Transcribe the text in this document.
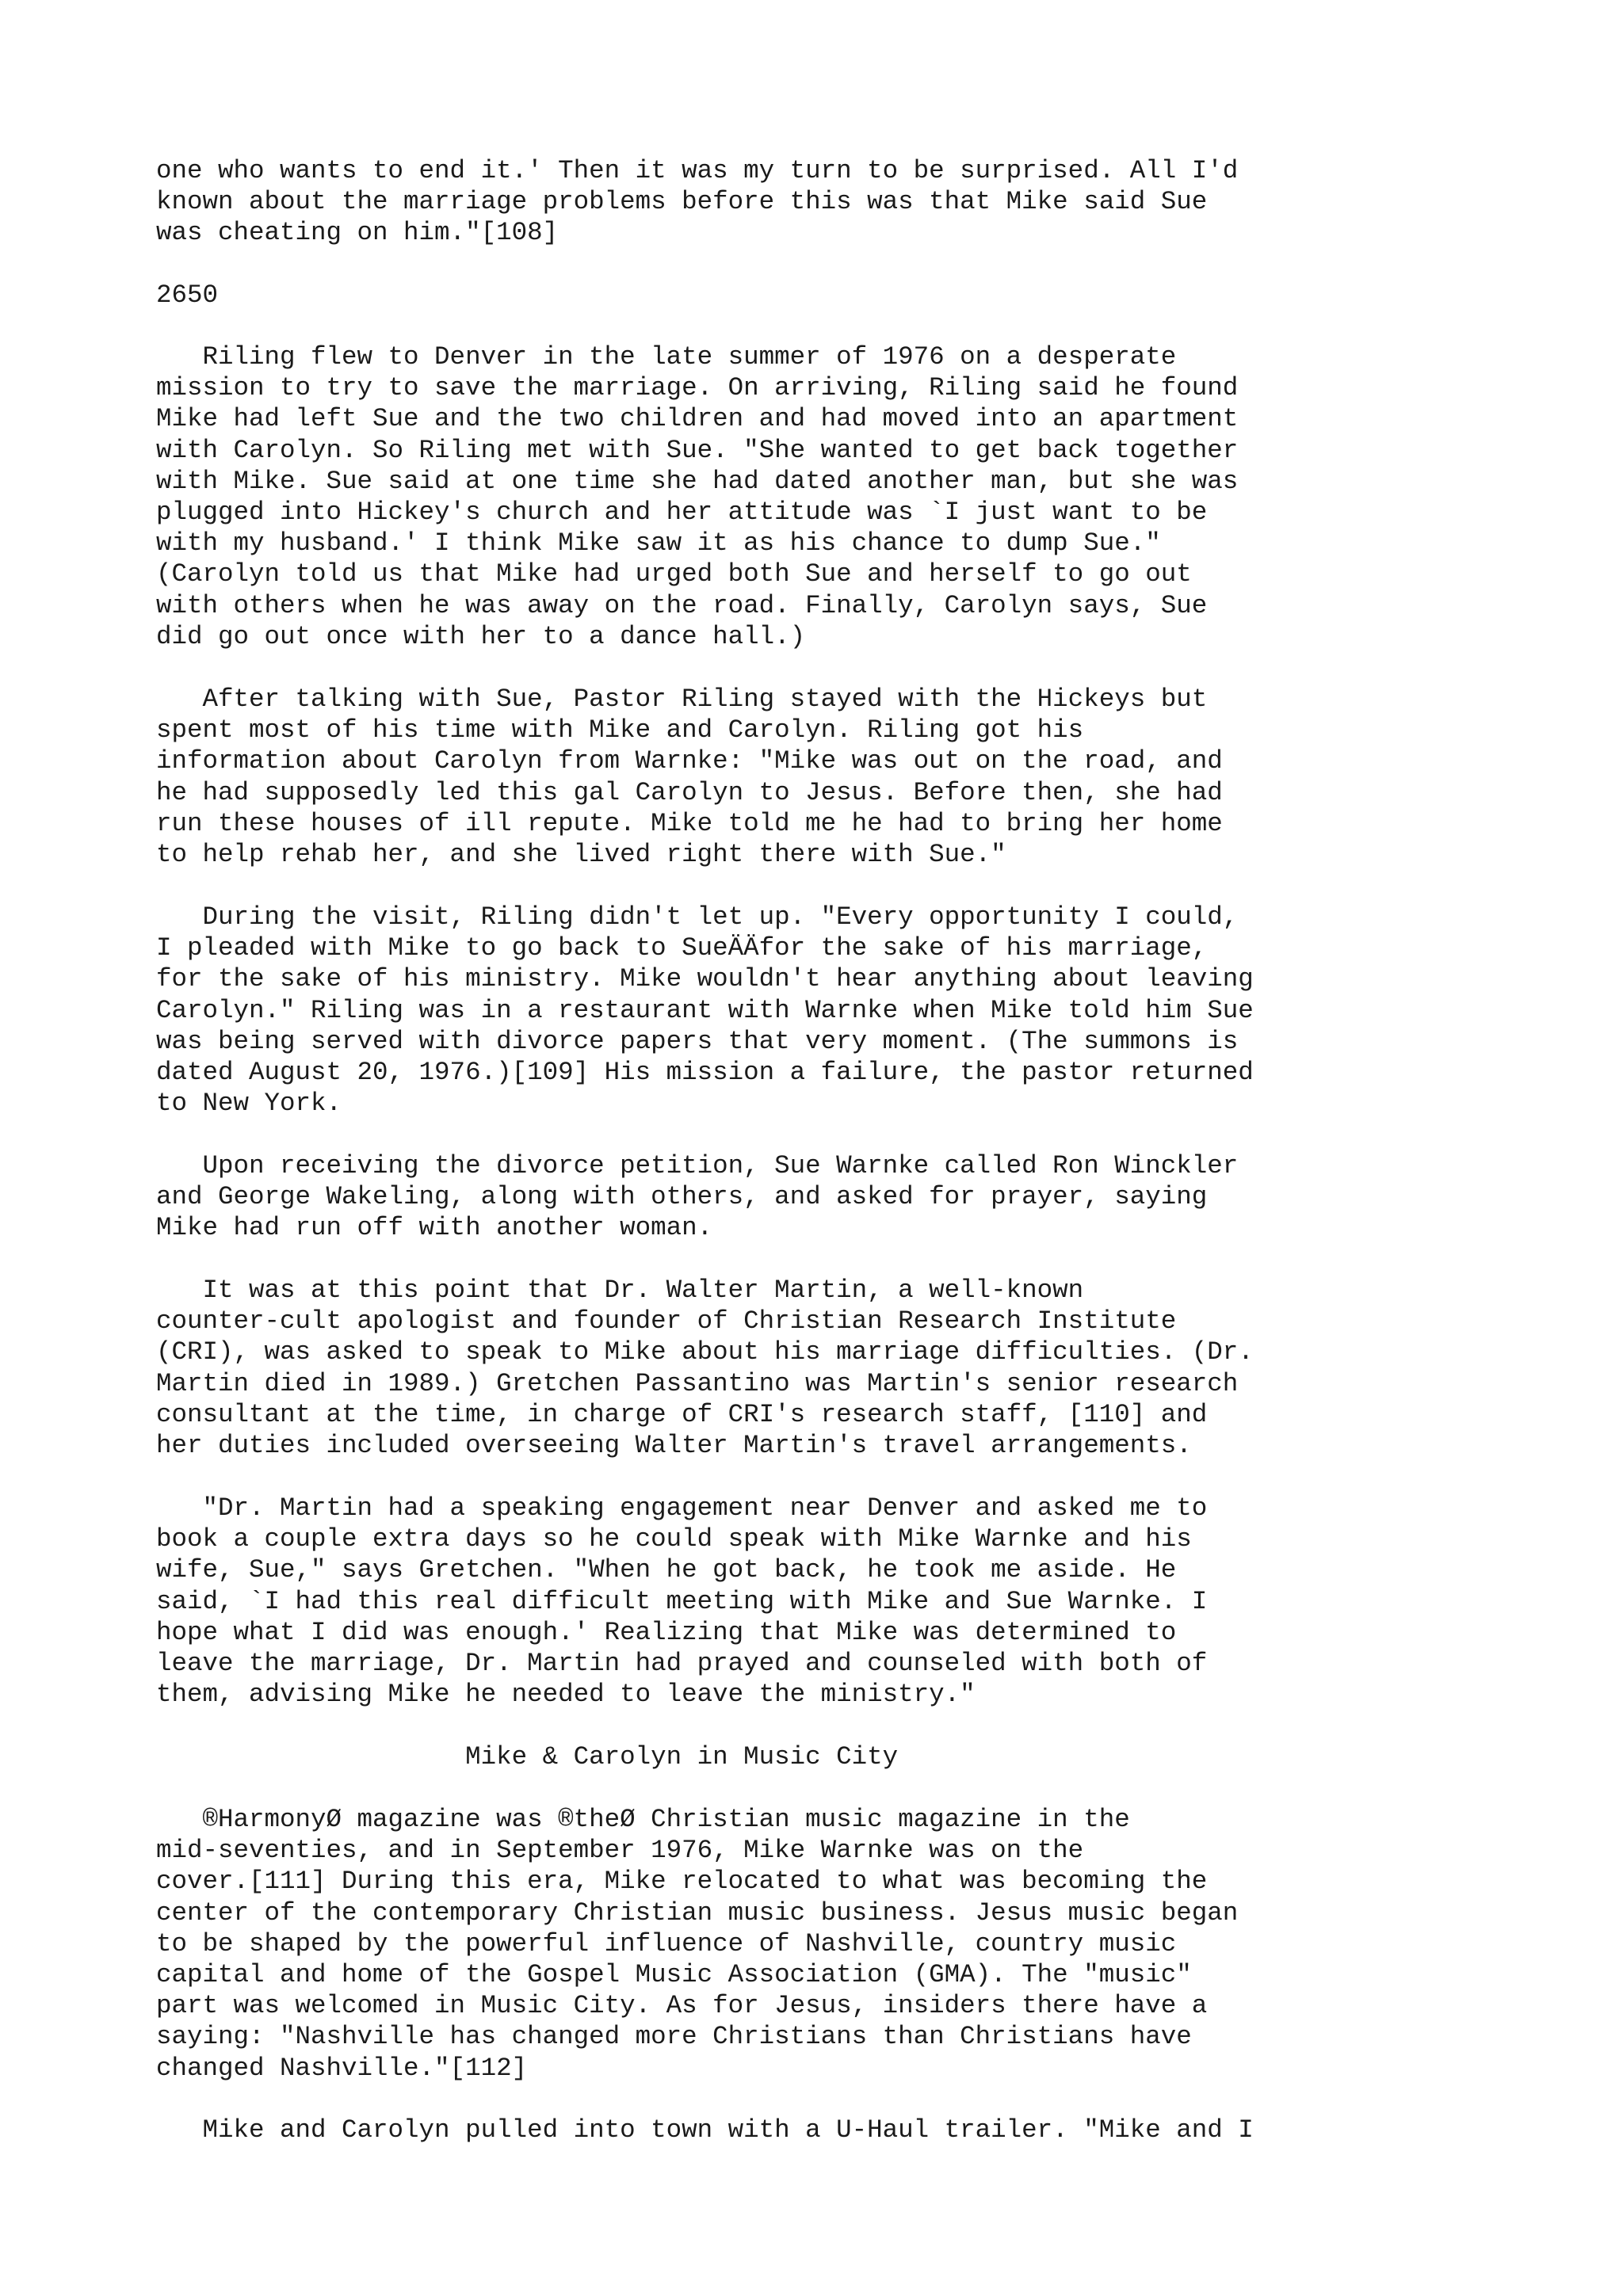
one who wants to end it.' Then it was my turn to be surprised. All I'd
known about the marriage problems before this was that Mike said Sue
was cheating on him."[108]

2650

Riling flew to Denver in the late summer of 1976 on a desperate
mission to try to save the marriage. On arriving, Riling said he found
Mike had left Sue and the two children and had moved into an apartment
with Carolyn. So Riling met with Sue. "She wanted to get back together
with Mike. Sue said at one time she had dated another man, but she was
plugged into Hickey's church and her attitude was `I just want to be
with my husband.' I think Mike saw it as his chance to dump Sue."
(Carolyn told us that Mike had urged both Sue and herself to go out
with others when he was away on the road. Finally, Carolyn says, Sue
did go out once with her to a dance hall.)

After talking with Sue, Pastor Riling stayed with the Hickeys but
spent most of his time with Mike and Carolyn. Riling got his
information about Carolyn from Warnke: "Mike was out on the road, and
he had supposedly led this gal Carolyn to Jesus. Before then, she had
run these houses of ill repute. Mike told me he had to bring her home
to help rehab her, and she lived right there with Sue."

During the visit, Riling didn't let up. "Every opportunity I could,
I pleaded with Mike to go back to SueÄÄfor the sake of his marriage,
for the sake of his ministry. Mike wouldn't hear anything about leaving
Carolyn." Riling was in a restaurant with Warnke when Mike told him Sue
was being served with divorce papers that very moment. (The summons is
dated August 20, 1976.)[109] His mission a failure, the pastor returned
to New York.

Upon receiving the divorce petition, Sue Warnke called Ron Winckler
and George Wakeling, along with others, and asked for prayer, saying
Mike had run off with another woman.

It was at this point that Dr. Walter Martin, a well-known
counter-cult apologist and founder of Christian Research Institute
(CRI), was asked to speak to Mike about his marriage difficulties. (Dr.
Martin died in 1989.) Gretchen Passantino was Martin's senior research
consultant at the time, in charge of CRI's research staff, [110] and
her duties included overseeing Walter Martin's travel arrangements.

"Dr. Martin had a speaking engagement near Denver and asked me to
book a couple extra days so he could speak with Mike Warnke and his
wife, Sue," says Gretchen. "When he got back, he took me aside. He
said, `I had this real difficult meeting with Mike and Sue Warnke. I
hope what I did was enough.' Realizing that Mike was determined to
leave the marriage, Dr. Martin had prayed and counseled with both of
them, advising Mike he needed to leave the ministry."

Mike & Carolyn in Music City

®HarmonyØ magazine was ®theØ Christian music magazine in the
mid-seventies, and in September 1976, Mike Warnke was on the
cover.[111] During this era, Mike relocated to what was becoming the
center of the contemporary Christian music business. Jesus music began
to be shaped by the powerful influence of Nashville, country music
capital and home of the Gospel Music Association (GMA). The "music"
part was welcomed in Music City. As for Jesus, insiders there have a
saying: "Nashville has changed more Christians than Christians have
changed Nashville."[112]

Mike and Carolyn pulled into town with a U-Haul trailer. "Mike and I
